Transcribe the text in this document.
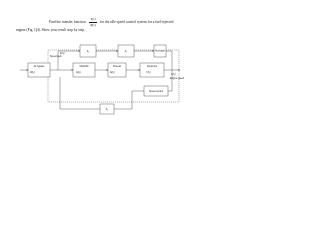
Find the transfer function
Y(s)
R(s)
for the idle speed control system for a fuel-injected
engine (Fig. Q4). Show your result step by step.
K₁	K₂	Fuel gain
Air bypass	Manifold	Process	Dynamics
Speed control
K₃
R(s)	U(s)	S(s)
P(s)
Y(s)
Y(s)
Engine speed
Speed gain
